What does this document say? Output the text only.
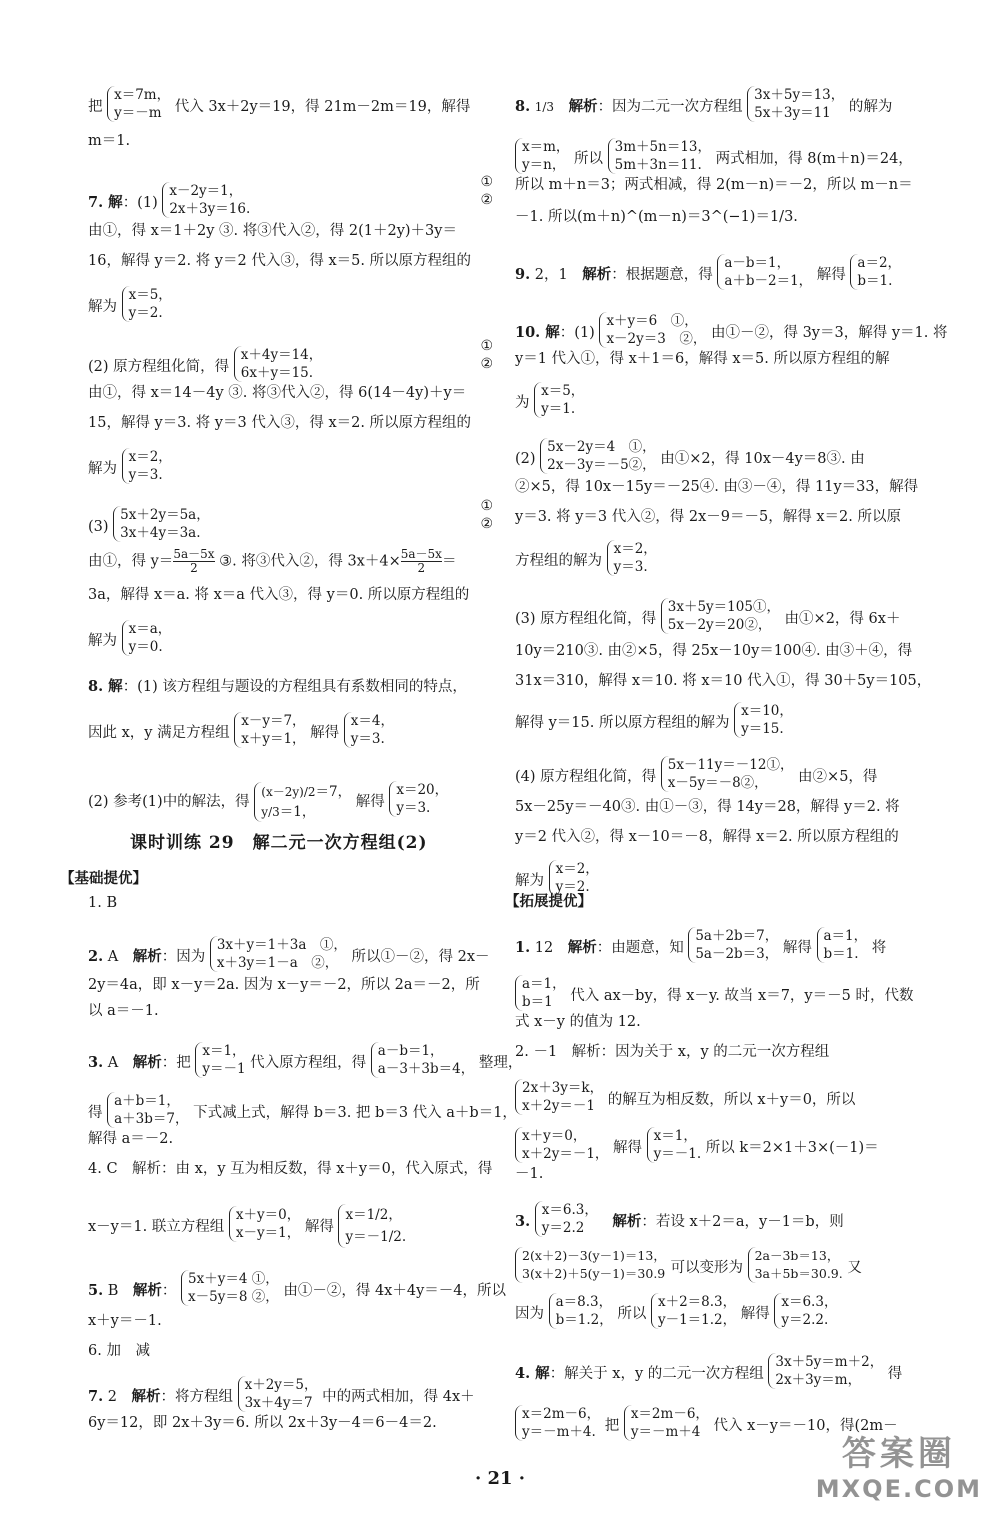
把 x＝7m，
y＝－m 代入 3x＋2y＝19，得 21m－2m＝19，解得
m＝1.
7. 解：(1) x－2y＝1，
2x＋3y＝16.
①
②
由①，得 x＝1＋2y ③. 将③代入②，得 2(1＋2y)＋3y＝
16，解得 y＝2. 将 y＝2 代入③，得 x＝5. 所以原方程组的
解为 x＝5，
y＝2.
(2) 原方程组化简，得 x＋4y＝14，
6x＋y＝15.
①
②
由①，得 x＝14－4y ③. 将③代入②，得 6(14－4y)＋y＝
15，解得 y＝3. 将 y＝3 代入③，得 x＝2. 所以原方程组的
解为 x＝2，
y＝3.
(3) 5x＋2y＝5a，
3x＋4y＝3a.
①
②
由①，得 $y= \frac{5a-5x}{2}$ ③. 将③代入②，得 $3x+4\times \frac{5a-5x}{2}$ ＝
3a，解得 x＝a. 将 x＝a 代入③，得 y＝0. 所以原方程组的
解为 x＝a，
y＝0.
8. 解：(1) 该方程组与题设的方程组具有系数相同的特点，
因此 x，y 满足方程组 x－y＝7，
x＋y＝1， 解得 x＝4，
y＝3.
(2) 参考(1)中的解法，得 (x－2y)/2＝7，
y/3＝1， 解得 x＝20，
y＝3.
课时训练 29　解二元一次方程组(2)
【基础提优】
1. B
2. A　解析：因为 3x＋y＝1＋3a　①，
x＋3y＝1－a　②， 所以①－②，得 2x－
2y＝4a，即 x－y＝2a. 因为 x－y＝－2，所以 2a＝－2，所
以 a＝－1.
3. A　解析：把 x＝1，
y＝－1 代入原方程组，得 a－b＝1，
a－3＋3b＝4， 整理，
得 a＋b＝1，
a＋3b＝7， 下式减上式，解得 b＝3. 把 b＝3 代入 a＋b＝1，
解得 a＝－2.
4. C　解析：由 x，y 互为相反数，得 x＋y＝0，代入原式，得
x－y＝1. 联立方程组 x＋y＝0，
x－y＝1， 解得 x＝1/2，
y＝－1/2.
5. B　解析： 5x＋y＝4 ①，
x－5y＝8 ②， 由①－②，得 4x＋4y＝－4，所以
x＋y＝－1.
6. 加　减
7. 2　解析：将方程组 x＋2y＝5，
3x＋4y＝7 中的两式相加，得 4x＋
6y＝12，即 2x＋3y＝6. 所以 2x＋3y－4＝6－4＝2.
8. 1/3　 解析：因为二元一次方程组 3x＋5y＝13，
5x＋3y＝11 的解为
x＝m，
y＝n， 所以 3m＋5n＝13，
5m＋3n＝11. 两式相加，得 8(m＋n)＝24，
所以 m＋n＝3；两式相减，得 2(m－n)＝－2，所以 m－n＝
－1. 所以(m＋n)^(m－n)＝3^(−1)＝1/3.
9. 2，1　解析：根据题意，得 a－b＝1，
a＋b－2＝1， 解得 a＝2，
b＝1.
10. 解：(1) x＋y＝6　①，
x－2y＝3　②， 由①－②，得 3y＝3，解得 y＝1. 将
y＝1 代入①，得 x＋1＝6，解得 x＝5. 所以原方程组的解
为 x＝5，
y＝1.
(2) 5x－2y＝4　①，
2x－3y＝－5②， 由①×2，得 10x－4y＝8③. 由
②×5，得 10x－15y＝－25④. 由③－④，得 11y＝33，解得
y＝3. 将 y＝3 代入②，得 2x－9＝－5，解得 x＝2. 所以原
方程组的解为 x＝2，
y＝3.
(3) 原方程组化简，得 3x＋5y＝105①，
5x－2y＝20②， 由①×2，得 6x＋
10y＝210③. 由②×5，得 25x－10y＝100④. 由③＋④，得
31x＝310，解得 x＝10. 将 x＝10 代入①，得 30＋5y＝105，
解得 y＝15. 所以原方程组的解为 x＝10，
y＝15.
(4) 原方程组化简，得 5x－11y＝－12①，
x－5y＝－8②， 由②×5，得
5x－25y＝－40③. 由①－③，得 14y＝28，解得 y＝2. 将
y＝2 代入②，得 x－10＝－8，解得 x＝2. 所以原方程组的
解为 x＝2，
y＝2.
【拓展提优】
1. 12　解析：由题意，知 5a＋2b＝7，
5a－2b＝3， 解得 a＝1，
b＝1. 将
a＝1，
b＝1 代入 ax－by，得 x－y. 故当 x＝7，y＝－5 时，代数
式 x－y 的值为 12.
2. －1　解析：因为关于 x，y 的二元一次方程组
2x＋3y＝k，
x＋2y＝－1 的解互为相反数，所以 x＋y＝0，所以
x＋y＝0，
x＋2y＝－1， 解得 x＝1，
y＝－1. 所以 k＝2×1＋3×(－1)＝
－1.
3. x＝6.3，
y＝2.2　 解析：若设 x＋2＝a，y－1＝b，则
2(x＋2)－3(y－1)＝13，
3(x＋2)＋5(y－1)＝30.9 可以变形为 2a－3b＝13，
3a＋5b＝30.9. 又
因为 a＝8.3，
b＝1.2， 所以 x＋2＝8.3，
y－1＝1.2， 解得 x＝6.3，
y＝2.2.
4. 解：解关于 x，y 的二元一次方程组 3x＋5y＝m＋2，
2x＋3y＝m， 得
x＝2m－6，
y＝－m＋4. 把 x＝2m－6，
y＝－m＋4 代入 x－y＝－10，得(2m－
· 21 ·
答案圈
MXQE.COM
